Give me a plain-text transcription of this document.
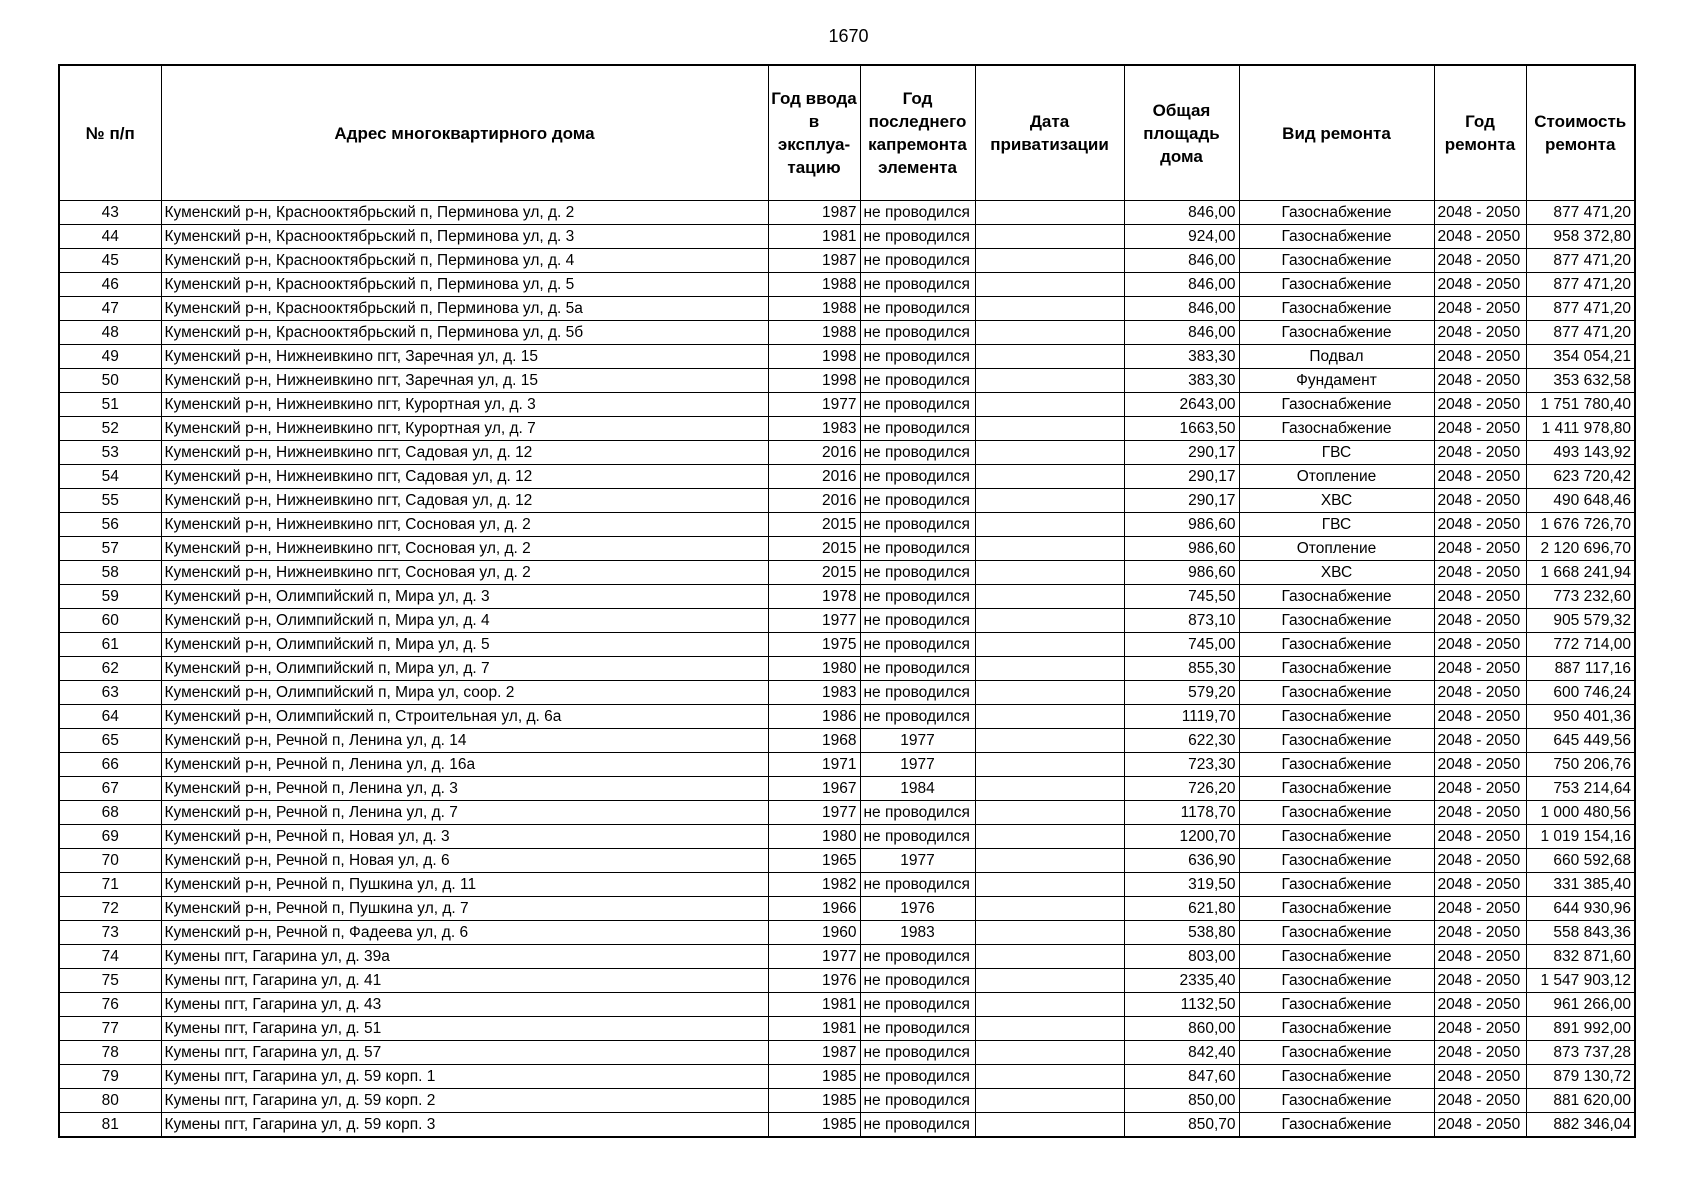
1670
№ п/п	Адрес многоквартирного дома	Год ввода в эксплуа-тацию	Год последнего капремонта элемента	Дата приватизации	Общая площадь дома	Вид ремонта	Год ремонта	Стоимость ремонта
43	Куменский р-н, Краснооктябрьский п, Перминова ул, д. 2	1987	не проводился		846,00	Газоснабжение	2048 - 2050	877 471,20
44	Куменский р-н, Краснооктябрьский п, Перминова ул, д. 3	1981	не проводился		924,00	Газоснабжение	2048 - 2050	958 372,80
45	Куменский р-н, Краснооктябрьский п, Перминова ул, д. 4	1987	не проводился		846,00	Газоснабжение	2048 - 2050	877 471,20
46	Куменский р-н, Краснооктябрьский п, Перминова ул, д. 5	1988	не проводился		846,00	Газоснабжение	2048 - 2050	877 471,20
47	Куменский р-н, Краснооктябрьский п, Перминова ул, д. 5а	1988	не проводился		846,00	Газоснабжение	2048 - 2050	877 471,20
48	Куменский р-н, Краснооктябрьский п, Перминова ул, д. 5б	1988	не проводился		846,00	Газоснабжение	2048 - 2050	877 471,20
49	Куменский р-н, Нижнеивкино пгт, Заречная ул, д. 15	1998	не проводился		383,30	Подвал	2048 - 2050	354 054,21
50	Куменский р-н, Нижнеивкино пгт, Заречная ул, д. 15	1998	не проводился		383,30	Фундамент	2048 - 2050	353 632,58
51	Куменский р-н, Нижнеивкино пгт, Курортная ул, д. 3	1977	не проводился		2643,00	Газоснабжение	2048 - 2050	1 751 780,40
52	Куменский р-н, Нижнеивкино пгт, Курортная ул, д. 7	1983	не проводился		1663,50	Газоснабжение	2048 - 2050	1 411 978,80
53	Куменский р-н, Нижнеивкино пгт, Садовая ул, д. 12	2016	не проводился		290,17	ГВС	2048 - 2050	493 143,92
54	Куменский р-н, Нижнеивкино пгт, Садовая ул, д. 12	2016	не проводился		290,17	Отопление	2048 - 2050	623 720,42
55	Куменский р-н, Нижнеивкино пгт, Садовая ул, д. 12	2016	не проводился		290,17	ХВС	2048 - 2050	490 648,46
56	Куменский р-н, Нижнеивкино пгт, Сосновая ул, д. 2	2015	не проводился		986,60	ГВС	2048 - 2050	1 676 726,70
57	Куменский р-н, Нижнеивкино пгт, Сосновая ул, д. 2	2015	не проводился		986,60	Отопление	2048 - 2050	2 120 696,70
58	Куменский р-н, Нижнеивкино пгт, Сосновая ул, д. 2	2015	не проводился		986,60	ХВС	2048 - 2050	1 668 241,94
59	Куменский р-н, Олимпийский п, Мира ул, д. 3	1978	не проводился		745,50	Газоснабжение	2048 - 2050	773 232,60
60	Куменский р-н, Олимпийский п, Мира ул, д. 4	1977	не проводился		873,10	Газоснабжение	2048 - 2050	905 579,32
61	Куменский р-н, Олимпийский п, Мира ул, д. 5	1975	не проводился		745,00	Газоснабжение	2048 - 2050	772 714,00
62	Куменский р-н, Олимпийский п, Мира ул, д. 7	1980	не проводился		855,30	Газоснабжение	2048 - 2050	887 117,16
63	Куменский р-н, Олимпийский п, Мира ул, соор. 2	1983	не проводился		579,20	Газоснабжение	2048 - 2050	600 746,24
64	Куменский р-н, Олимпийский п, Строительная ул, д. 6а	1986	не проводился		1119,70	Газоснабжение	2048 - 2050	950 401,36
65	Куменский р-н, Речной п, Ленина ул, д. 14	1968	1977		622,30	Газоснабжение	2048 - 2050	645 449,56
66	Куменский р-н, Речной п, Ленина ул, д. 16а	1971	1977		723,30	Газоснабжение	2048 - 2050	750 206,76
67	Куменский р-н, Речной п, Ленина ул, д. 3	1967	1984		726,20	Газоснабжение	2048 - 2050	753 214,64
68	Куменский р-н, Речной п, Ленина ул, д. 7	1977	не проводился		1178,70	Газоснабжение	2048 - 2050	1 000 480,56
69	Куменский р-н, Речной п, Новая ул, д. 3	1980	не проводился		1200,70	Газоснабжение	2048 - 2050	1 019 154,16
70	Куменский р-н, Речной п, Новая ул, д. 6	1965	1977		636,90	Газоснабжение	2048 - 2050	660 592,68
71	Куменский р-н, Речной п, Пушкина ул, д. 11	1982	не проводился		319,50	Газоснабжение	2048 - 2050	331 385,40
72	Куменский р-н, Речной п, Пушкина ул, д. 7	1966	1976		621,80	Газоснабжение	2048 - 2050	644 930,96
73	Куменский р-н, Речной п, Фадеева ул, д. 6	1960	1983		538,80	Газоснабжение	2048 - 2050	558 843,36
74	Кумены пгт, Гагарина ул, д. 39а	1977	не проводился		803,00	Газоснабжение	2048 - 2050	832 871,60
75	Кумены пгт, Гагарина ул, д. 41	1976	не проводился		2335,40	Газоснабжение	2048 - 2050	1 547 903,12
76	Кумены пгт, Гагарина ул, д. 43	1981	не проводился		1132,50	Газоснабжение	2048 - 2050	961 266,00
77	Кумены пгт, Гагарина ул, д. 51	1981	не проводился		860,00	Газоснабжение	2048 - 2050	891 992,00
78	Кумены пгт, Гагарина ул, д. 57	1987	не проводился		842,40	Газоснабжение	2048 - 2050	873 737,28
79	Кумены пгт, Гагарина ул, д. 59 корп. 1	1985	не проводился		847,60	Газоснабжение	2048 - 2050	879 130,72
80	Кумены пгт, Гагарина ул, д. 59 корп. 2	1985	не проводился		850,00	Газоснабжение	2048 - 2050	881 620,00
81	Кумены пгт, Гагарина ул, д. 59 корп. 3	1985	не проводился		850,70	Газоснабжение	2048 - 2050	882 346,04
